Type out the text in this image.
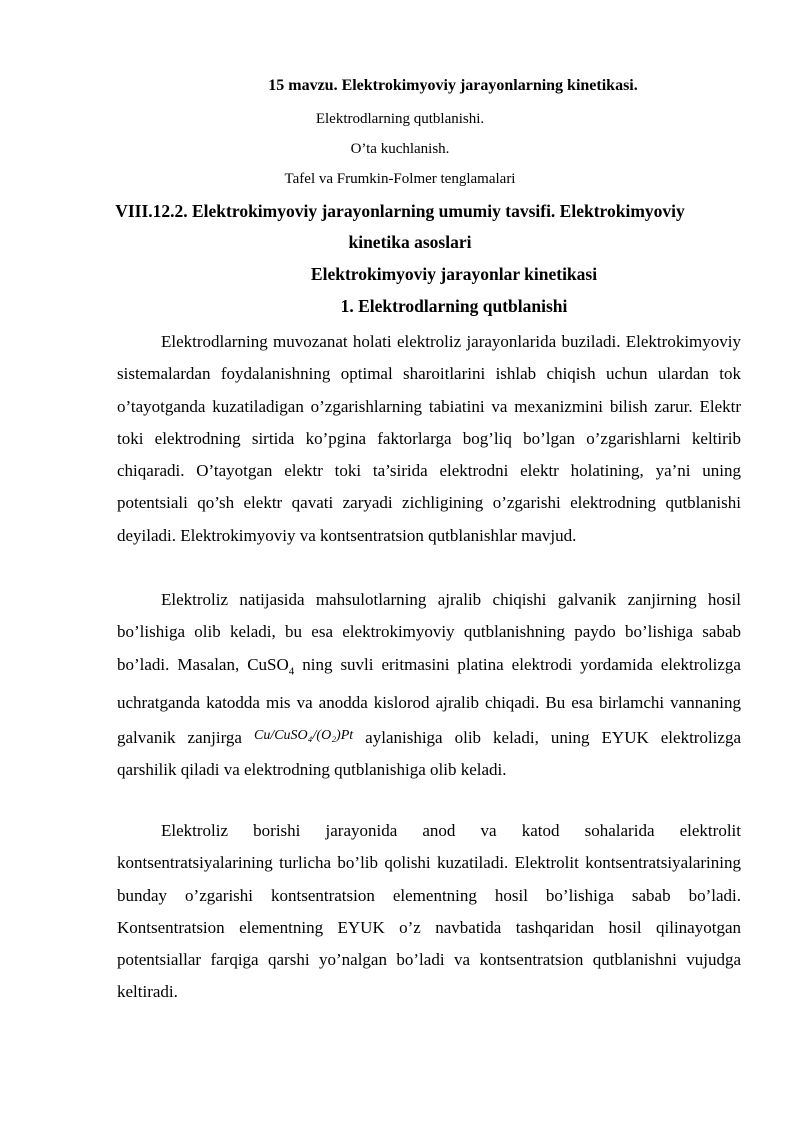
15 mavzu. Elektrokimyoviy jarayonlarning kinetikasi.
Elektrodlarning qutblanishi.
O’ta kuchlanish.
Tafel va Frumkin-Folmer tenglamalari
VIII.12.2. Elektrokimyoviy jarayonlarning umumiy tavsifi. Elektrokimyoviy
kinetika asoslari
Elektrokimyoviy jarayonlar kinetikasi
1. Elektrodlarning qutblanishi
Elektrodlarning muvozanat holati elektroliz jarayonlarida buziladi. Elektrokimyoviy sistemalardan foydalanishning optimal sharoitlarini ishlab chiqish uchun ulardan tok o’tayotganda kuzatiladigan o’zgarishlarning tabiatini va mexanizmini bilish zarur. Elektr toki elektrodning sirtida ko’pgina faktorlarga bog’liq bo’lgan o’zgarishlarni keltirib chiqaradi. O’tayotgan elektr toki ta’sirida elektrodni elektr holatining, ya’ni uning potentsiali qo’sh elektr qavati zaryadi zichligining o’zgarishi elektrodning qutblanishi deyiladi. Elektrokimyoviy va kontsentratsion qutblanishlar mavjud.
Elektroliz natijasida mahsulotlarning ajralib chiqishi galvanik zanjirning hosil bo’lishiga olib keladi, bu esa elektrokimyoviy qutblanishning paydo bo’lishiga sabab bo’ladi. Masalan, CuSO$_4$ ning suvli eritmasini platina elektrodi yordamida elektrolizga uchratganda katodda mis va anodda kislorod ajralib chiqadi. Bu esa birlamchi vannaning galvanik zanjirga $^{Cu/CuSO_4/(O_2)Pt}$ aylanishiga olib keladi, uning EYUK elektrolizga qarshilik qiladi va elektrodning qutblanishiga olib keladi.
Elektroliz borishi jarayonida anod va katod sohalarida elektrolit kontsentratsiyalarining turlicha bo’lib qolishi kuzatiladi. Elektrolit kontsentratsiyalarining bunday o’zgarishi kontsentratsion elementning hosil bo’lishiga sabab bo’ladi. Kontsentratsion elementning EYUK o’z navbatida tashqaridan hosil qilinayotgan potentsiallar farqiga qarshi yo’nalgan bo’ladi va kontsentratsion qutblanishni vujudga keltiradi.
